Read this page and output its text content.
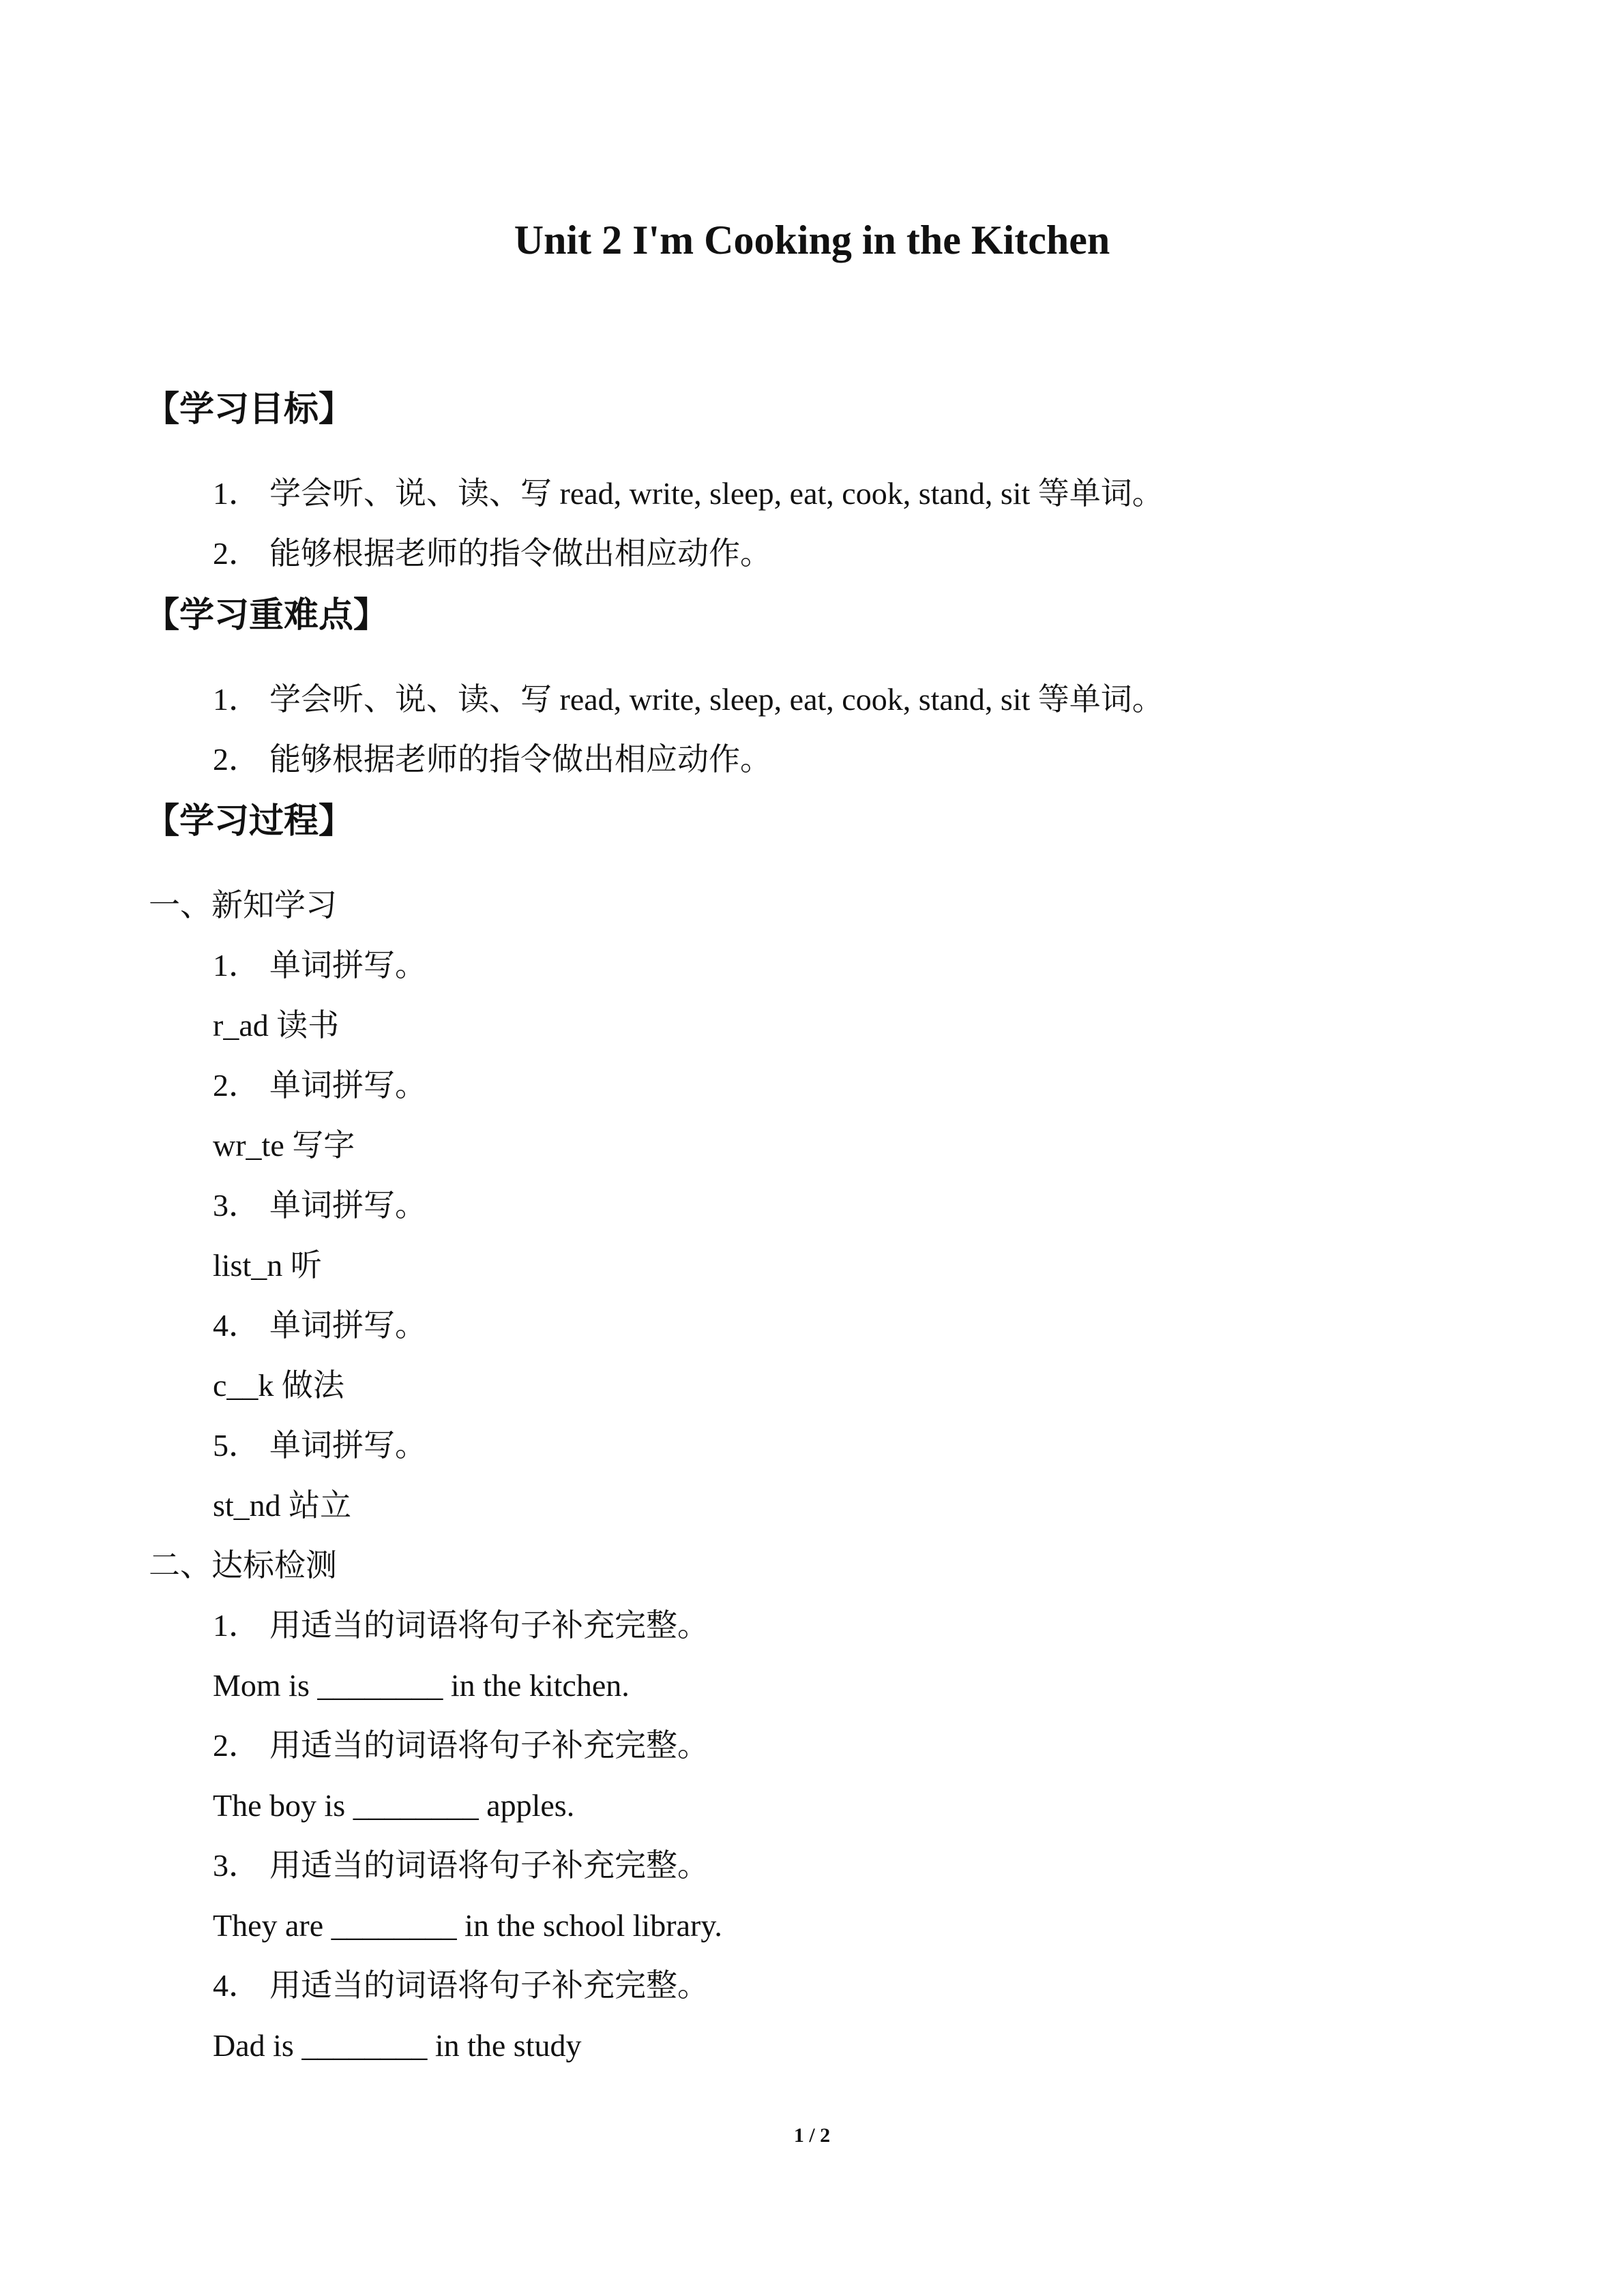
Unit 2 I'm Cooking in the Kitchen
【学习目标】
1． 学会听、说、读、写 read, write, sleep, eat, cook, stand, sit 等单词。
2． 能够根据老师的指令做出相应动作。
【学习重难点】
1． 学会听、说、读、写 read, write, sleep, eat, cook, stand, sit 等单词。
2． 能够根据老师的指令做出相应动作。
【学习过程】
一、新知学习
1． 单词拼写。
r_ad 读书
2． 单词拼写。
wr_te 写字
3． 单词拼写。
list_n 听
4． 单词拼写。
c__k 做法
5． 单词拼写。
st_nd 站立
二、达标检测
1． 用适当的词语将句子补充完整。
Mom is ________ in the kitchen.
2． 用适当的词语将句子补充完整。
The boy is ________ apples.
3． 用适当的词语将句子补充完整。
They are ________ in the school library.
4． 用适当的词语将句子补充完整。
Dad is ________ in the study
1 / 2
